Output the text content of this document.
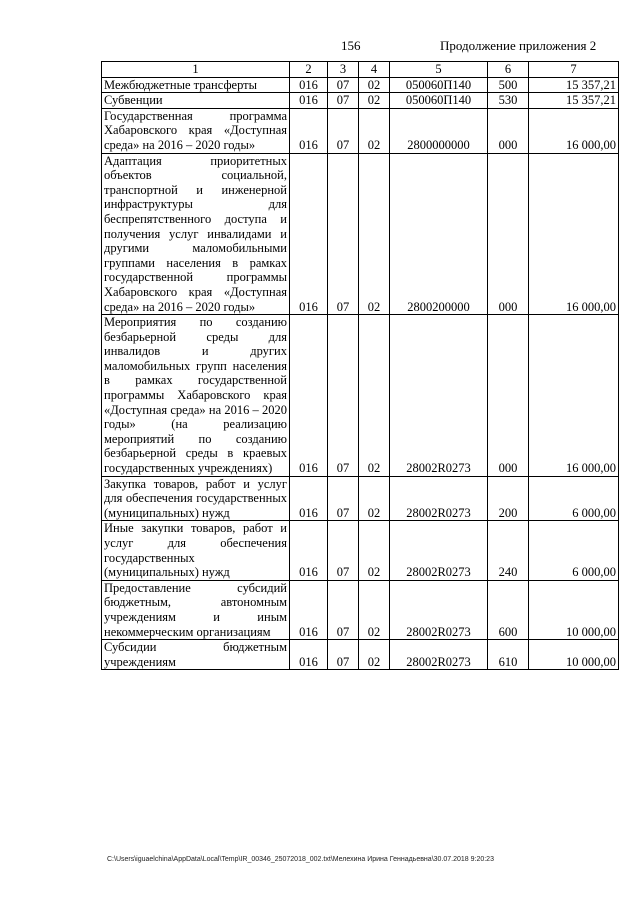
156	Продолжение приложения 2
1	2	3	4	5	6	7
Межбюджетные трансферты	016	07	02	050060П140	500	15 357,21
Субвенции	016	07	02	050060П140	530	15 357,21
Государственная программа Хабаровского края «Доступная среда» на 2016 – 2020 годы»	016	07	02	2800000000	000	16 000,00
Адаптация приоритетных объектов социальной, транспортной и инженерной инфраструктуры для беспрепятственного доступа и получения услуг инвалидами и другими маломобильными группами населения в рамках государственной программы Хабаровского края «Доступная среда» на 2016 – 2020 годы»	016	07	02	2800200000	000	16 000,00
Мероприятия по созданию безбарьерной среды для инвалидов и других маломобильных групп населения в рамках государственной программы Хабаровского края «Доступная среда» на 2016 – 2020 годы» (на реализацию мероприятий по созданию безбарьерной среды в краевых государственных учреждениях)	016	07	02	28002R0273	000	16 000,00
Закупка товаров, работ и услуг для обеспечения государственных (муниципальных) нужд	016	07	02	28002R0273	200	6 000,00
Иные закупки товаров, работ и услуг для обеспечения государственных (муниципальных) нужд	016	07	02	28002R0273	240	6 000,00
Предоставление субсидий бюджетным, автономным учреждениям и иным некоммерческим организациям	016	07	02	28002R0273	600	10 000,00
Субсидии бюджетным учреждениям	016	07	02	28002R0273	610	10 000,00
C:\Users\iguaelchina\AppData\Local\Temp\IR_00346_25072018_002.txt\Мелехина Ирина Геннадьевна\30.07.2018 9:20:23
